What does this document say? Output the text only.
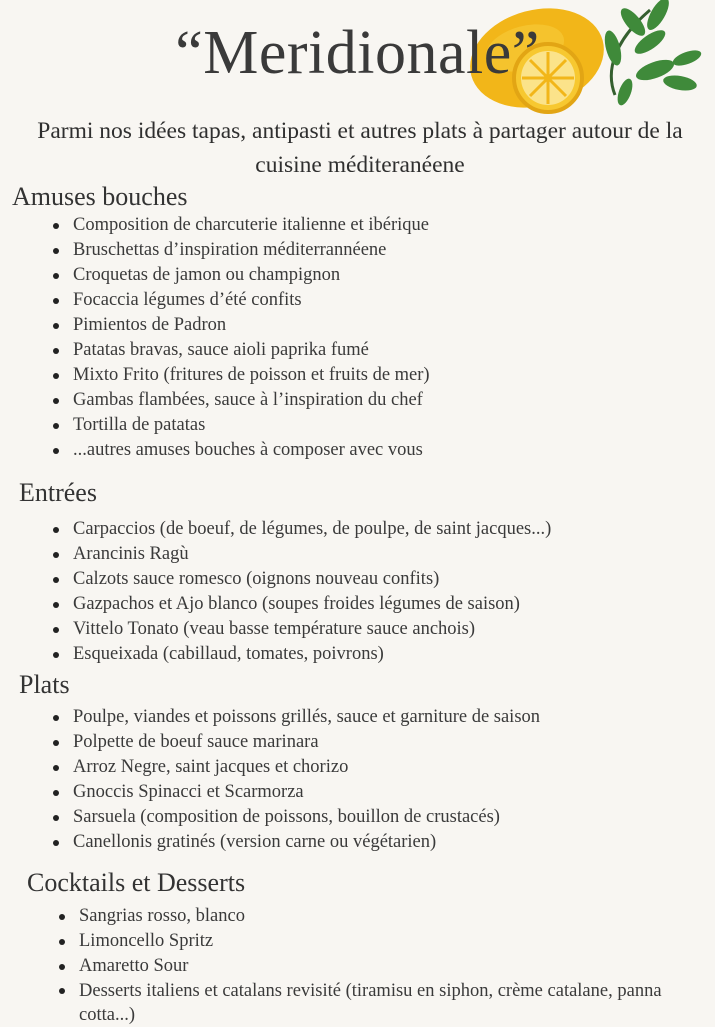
“Meridionale”
Parmi nos idées tapas, antipasti et autres plats à partager autour de la cuisine méditeranéene
Amuses bouches
Composition de charcuterie italienne et ibérique
Bruschettas d’inspiration méditerrannéene
Croquetas de jamon ou champignon
Focaccia légumes d’été confits
Pimientos de Padron
Patatas bravas, sauce aioli paprika fumé
Mixto Frito (fritures de poisson et fruits de mer)
Gambas flambées, sauce à l’inspiration du chef
Tortilla de patatas
...autres amuses bouches à composer avec vous
Entrées
Carpaccios (de boeuf, de légumes, de poulpe, de saint jacques...)
Arancinis Ragù
Calzots sauce romesco (oignons nouveau confits)
Gazpachos et Ajo blanco (soupes froides légumes de saison)
Vittelo Tonato (veau basse température sauce anchois)
Esqueixada (cabillaud, tomates, poivrons)
Plats
Poulpe, viandes et poissons grillés, sauce et garniture de saison
Polpette de boeuf sauce marinara
Arroz Negre, saint jacques et chorizo
Gnoccis Spinacci et Scarmorza
Sarsuela (composition de poissons, bouillon de crustacés)
Canellonis gratinés (version carne ou végétarien)
Cocktails et Desserts
Sangrias rosso, blanco
Limoncello Spritz
Amaretto Sour
Desserts italiens et catalans revisité (tiramisu en siphon, crème catalane, panna cotta...)
